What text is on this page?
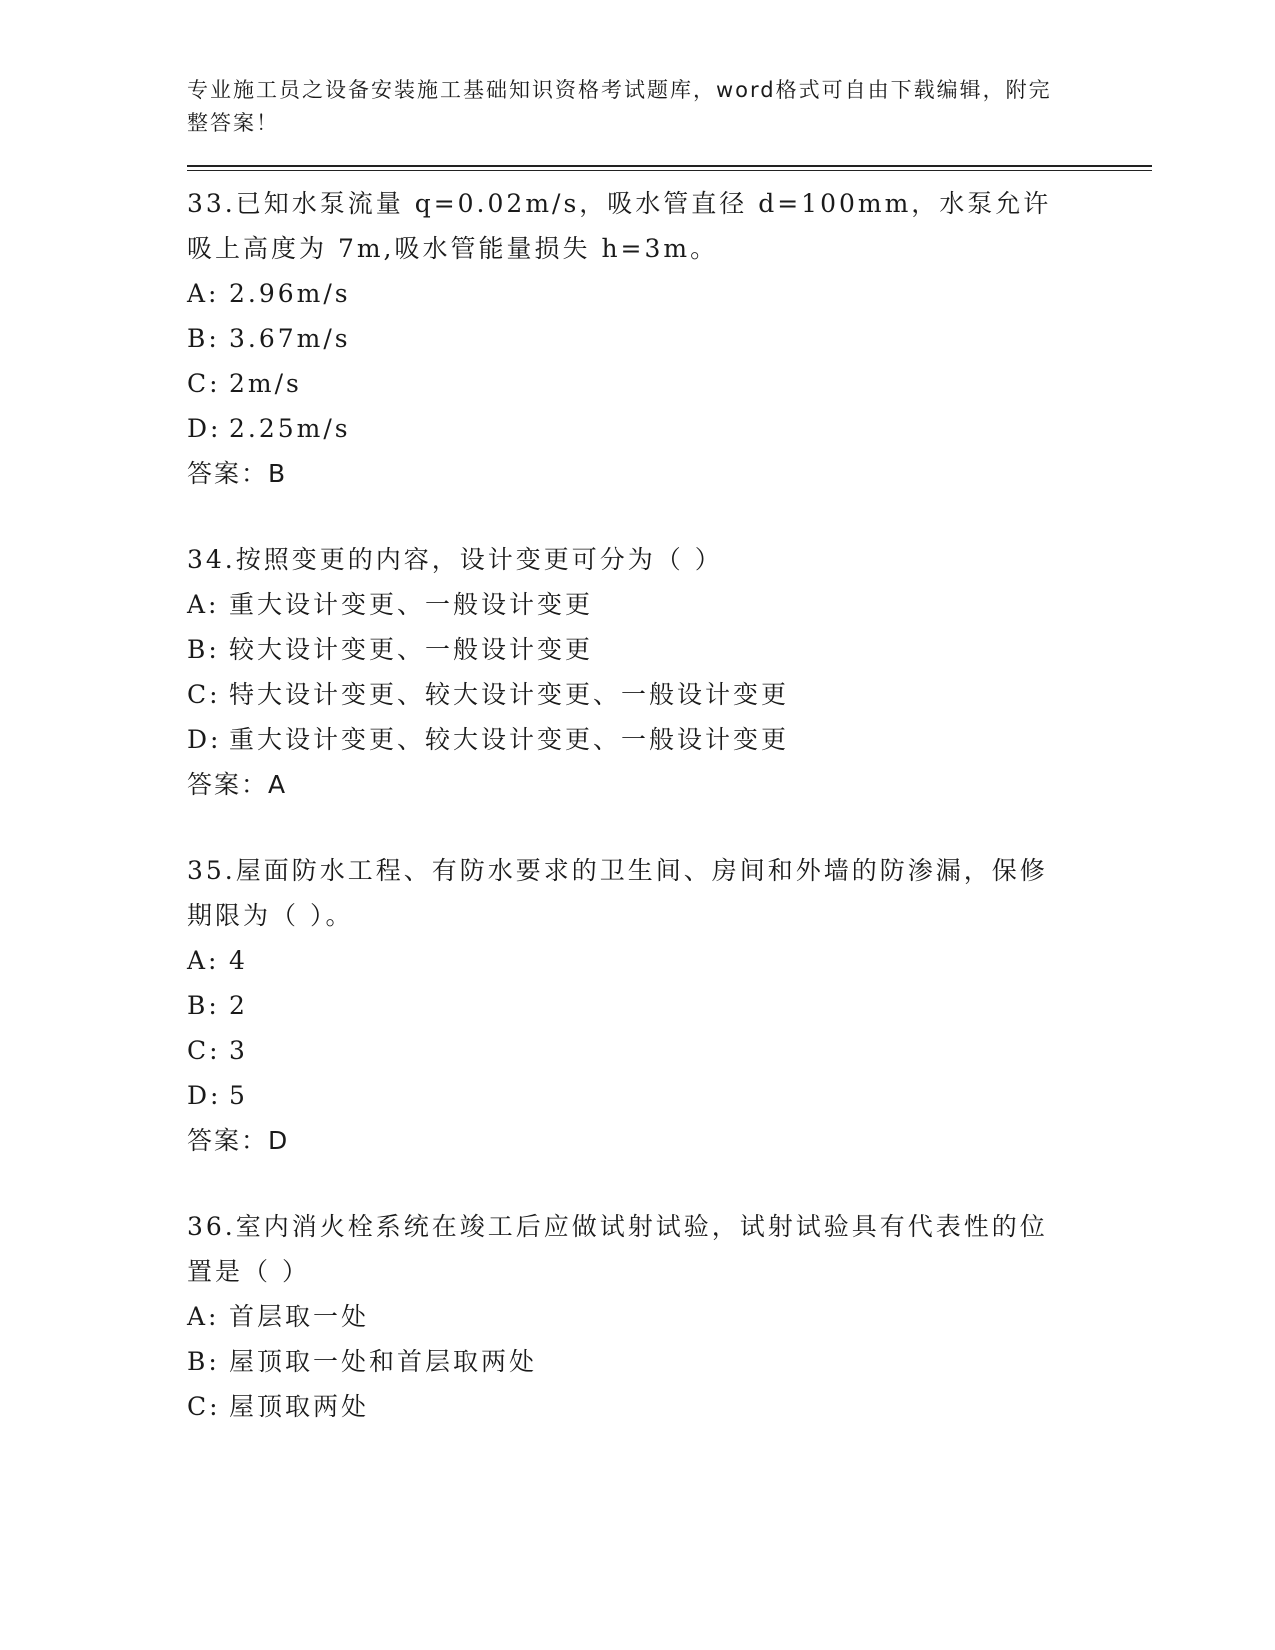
专业施工员之设备安装施工基础知识资格考试题库，word格式可自由下载编辑，附完整答案！
33.已知水泵流量 q=0.02m/s，吸水管直径 d=100mm，水泵允许吸上高度为 7m,吸水管能量损失 h=3m。
A: 2.96m/s
B: 3.67m/s
C: 2m/s
D: 2.25m/s
答案：B
34.按照变更的内容，设计变更可分为（ ）
A: 重大设计变更、一般设计变更
B: 较大设计变更、一般设计变更
C: 特大设计变更、较大设计变更、一般设计变更
D: 重大设计变更、较大设计变更、一般设计变更
答案：A
35.屋面防水工程、有防水要求的卫生间、房间和外墙的防渗漏，保修期限为（ ）。
A: 4
B: 2
C: 3
D: 5
答案：D
36.室内消火栓系统在竣工后应做试射试验，试射试验具有代表性的位置是（ ）
A: 首层取一处
B: 屋顶取一处和首层取两处
C: 屋顶取两处
